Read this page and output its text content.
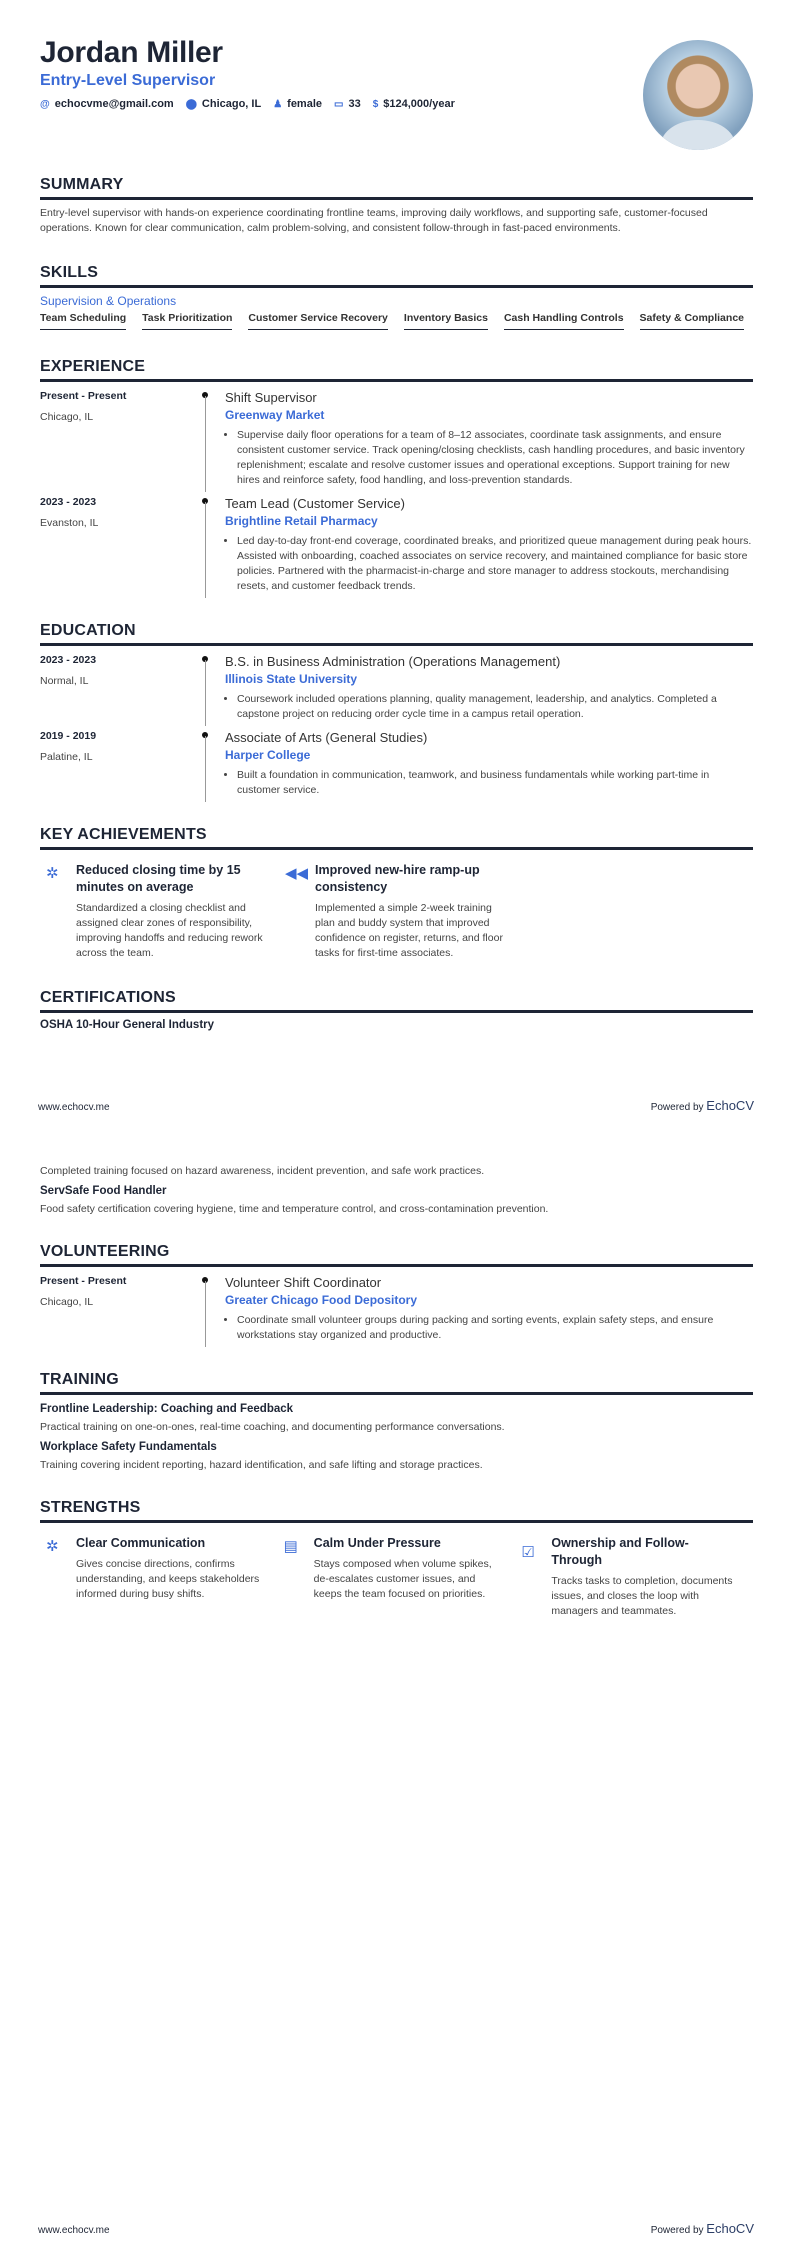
Jordan Miller
Entry-Level Supervisor
@ echocvme@gmail.com ⬤ Chicago, IL ♟ female ▭ 33 $ $124,000/year
SUMMARY
Entry-level supervisor with hands-on experience coordinating frontline teams, improving daily workflows, and supporting safe, customer-focused operations. Known for clear communication, calm problem-solving, and consistent follow-through in fast-paced environments.
SKILLS
Supervision & Operations
Team Scheduling Task Prioritization Customer Service Recovery Inventory Basics Cash Handling Controls Safety & Compliance
EXPERIENCE
Present - Present
Chicago, IL
Shift Supervisor
Greenway Market
• Supervise daily floor operations for a team of 8–12 associates, coordinate task assignments, and ensure consistent customer service. Track opening/closing checklists, cash handling procedures, and basic inventory replenishment; escalate and resolve customer issues and operational exceptions. Support training for new hires and reinforce safety, food handling, and loss-prevention standards.
2023 - 2023
Evanston, IL
Team Lead (Customer Service)
Brightline Retail Pharmacy
• Led day-to-day front-end coverage, coordinated breaks, and prioritized queue management during peak hours. Assisted with onboarding, coached associates on service recovery, and maintained compliance for basic store policies. Partnered with the pharmacist-in-charge and store manager to address stockouts, merchandising resets, and customer feedback trends.
EDUCATION
2023 - 2023
Normal, IL
B.S. in Business Administration (Operations Management)
Illinois State University
• Coursework included operations planning, quality management, leadership, and analytics. Completed a capstone project on reducing order cycle time in a campus retail operation.
2019 - 2019
Palatine, IL
Associate of Arts (General Studies)
Harper College
• Built a foundation in communication, teamwork, and business fundamentals while working part-time in customer service.
KEY ACHIEVEMENTS
✲	Reduced closing time by 15 minutes on average
Standardized a closing checklist and assigned clear zones of responsibility, improving handoffs and reducing rework across the team.
◀◀ Improved new-hire ramp-up consistency
Implemented a simple 2-week training plan and buddy system that improved confidence on register, returns, and floor tasks for first-time associates.
CERTIFICATIONS
OSHA 10-Hour General Industry
www.echocv.me	Powered by EchoCV
Completed training focused on hazard awareness, incident prevention, and safe work practices.
ServSafe Food Handler
Food safety certification covering hygiene, time and temperature control, and cross-contamination prevention.
VOLUNTEERING
Present - Present
Chicago, IL
Volunteer Shift Coordinator
Greater Chicago Food Depository
• Coordinate small volunteer groups during packing and sorting events, explain safety steps, and ensure workstations stay organized and productive.
TRAINING
Frontline Leadership: Coaching and Feedback
Practical training on one-on-ones, real-time coaching, and documenting performance conversations.
Workplace Safety Fundamentals
Training covering incident reporting, hazard identification, and safe lifting and storage practices.
STRENGTHS
✲	Clear Communication
Gives concise directions, confirms understanding, and keeps stakeholders informed during busy shifts.
▤	Calm Under Pressure
Stays composed when volume spikes, de-escalates customer issues, and keeps the team focused on priorities.
☑
Ownership and Follow-Through
Tracks tasks to completion, documents issues, and closes the loop with managers and teammates.
www.echocv.me	Powered by EchoCV
